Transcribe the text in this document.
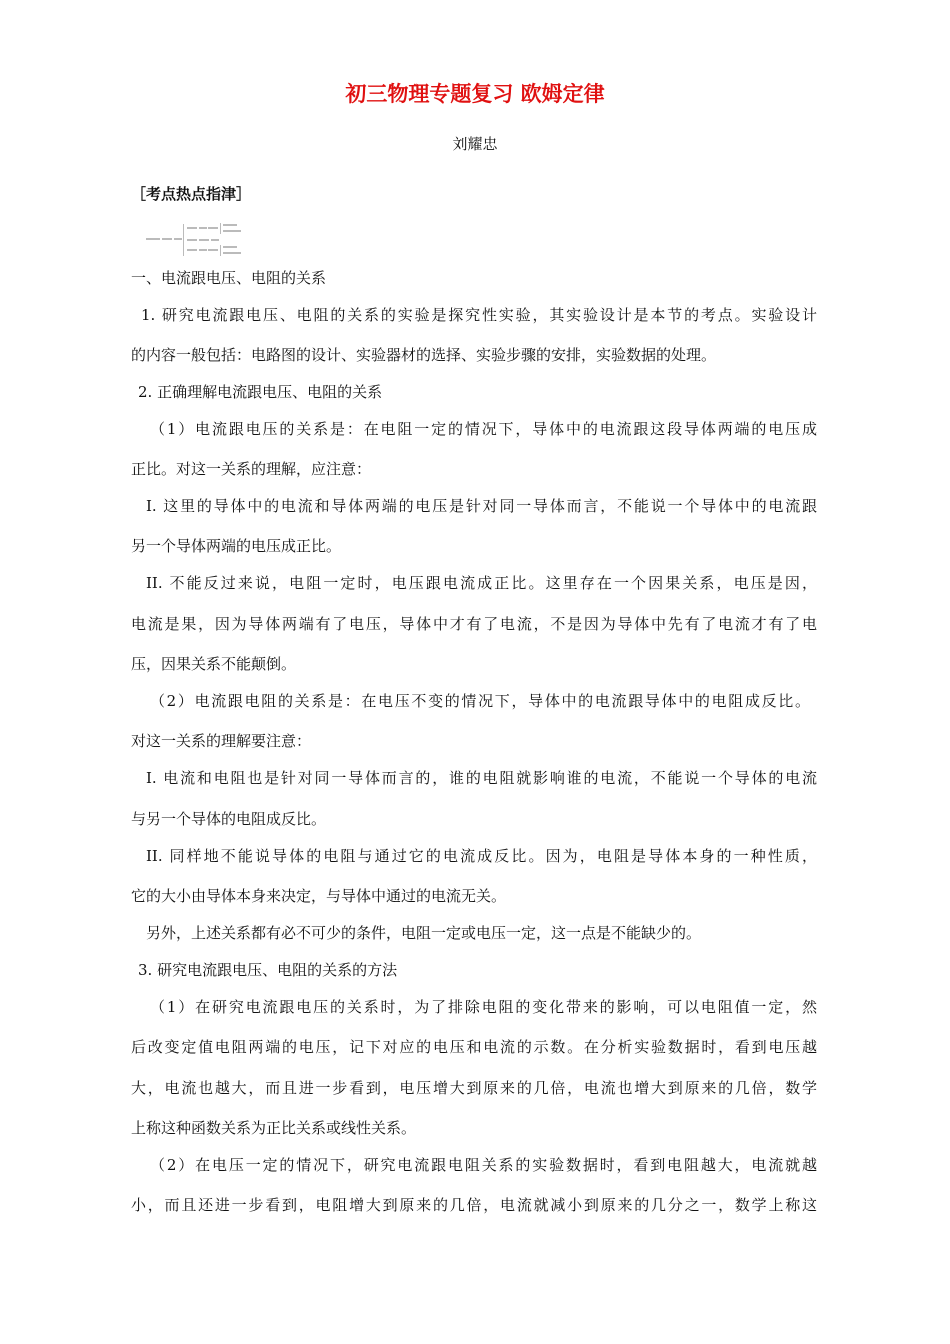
初三物理专题复习 欧姆定律
刘耀忠
［考点热点指津］
一、电流跟电压、电阻的关系
1. 研究电流跟电压、电阻的关系的实验是探究性实验，其实验设计是本节的考点。实验设计
的内容一般包括：电路图的设计、实验器材的选择、实验步骤的安排，实验数据的处理。
2. 正确理解电流跟电压、电阻的关系
（1）电流跟电压的关系是：在电阻一定的情况下，导体中的电流跟这段导体两端的电压成
正比。对这一关系的理解，应注意：
I. 这里的导体中的电流和导体两端的电压是针对同一导体而言，不能说一个导体中的电流跟
另一个导体两端的电压成正比。
II. 不能反过来说，电阻一定时，电压跟电流成正比。这里存在一个因果关系，电压是因，
电流是果，因为导体两端有了电压，导体中才有了电流，不是因为导体中先有了电流才有了电
压，因果关系不能颠倒。
（2）电流跟电阻的关系是：在电压不变的情况下，导体中的电流跟导体中的电阻成反比。
对这一关系的理解要注意：
I. 电流和电阻也是针对同一导体而言的，谁的电阻就影响谁的电流，不能说一个导体的电流
与另一个导体的电阻成反比。
II. 同样地不能说导体的电阻与通过它的电流成反比。因为，电阻是导体本身的一种性质，
它的大小由导体本身来决定，与导体中通过的电流无关。
另外，上述关系都有必不可少的条件，电阻一定或电压一定，这一点是不能缺少的。
3. 研究电流跟电压、电阻的关系的方法
（1）在研究电流跟电压的关系时，为了排除电阻的变化带来的影响，可以电阻值一定，然
后改变定值电阻两端的电压，记下对应的电压和电流的示数。在分析实验数据时，看到电压越
大，电流也越大，而且进一步看到，电压增大到原来的几倍，电流也增大到原来的几倍，数学
上称这种函数关系为正比关系或线性关系。
（2）在电压一定的情况下，研究电流跟电阻关系的实验数据时，看到电阻越大，电流就越
小，而且还进一步看到，电阻增大到原来的几倍，电流就减小到原来的几分之一，数学上称这
